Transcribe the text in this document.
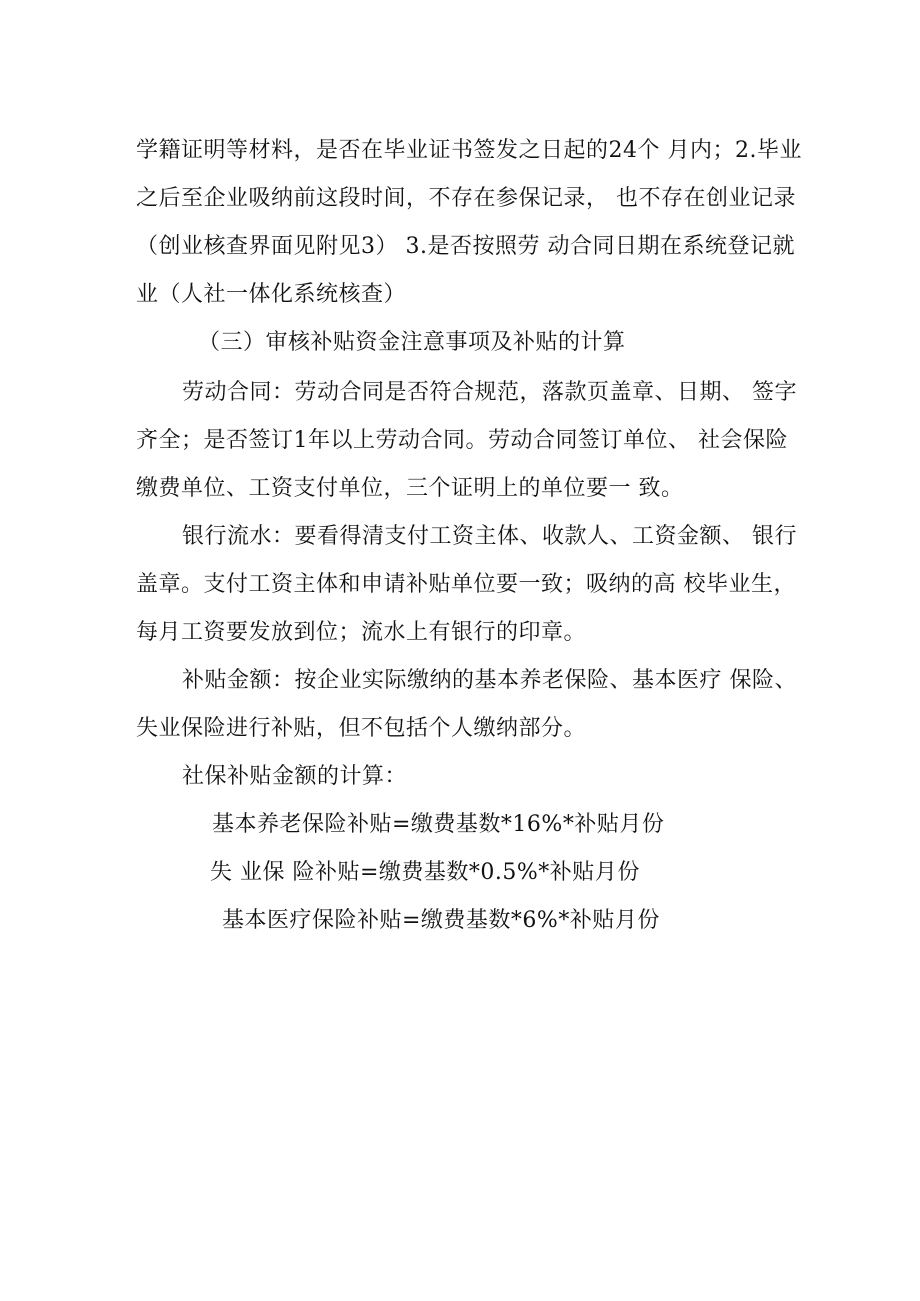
学籍证明等材料，是否在毕业证书签发之日起的24个 月内；2.毕业
之后至企业吸纳前这段时间，不存在参保记录， 也不存在创业记录
（创业核查界面见附见3） 3.是否按照劳 动合同日期在系统登记就
业（人社一体化系统核查）
（三）审核补贴资金注意事项及补贴的计算
劳动合同：劳动合同是否符合规范，落款页盖章、日期、 签字
齐全；是否签订1年以上劳动合同。劳动合同签订单位、 社会保险
缴费单位、工资支付单位，三个证明上的单位要一 致。
银行流水：要看得清支付工资主体、收款人、工资金额、 银行
盖章。支付工资主体和申请补贴单位要一致；吸纳的高 校毕业生，
每月工资要发放到位；流水上有银行的印章。
补贴金额：按企业实际缴纳的基本养老保险、基本医疗 保险、
失业保险进行补贴，但不包括个人缴纳部分。
社保补贴金额的计算：
基本养老保险补贴=缴费基数*16%*补贴月份
失 业保 险补贴=缴费基数*0.5%*补贴月份
基本医疗保险补贴=缴费基数*6%*补贴月份
